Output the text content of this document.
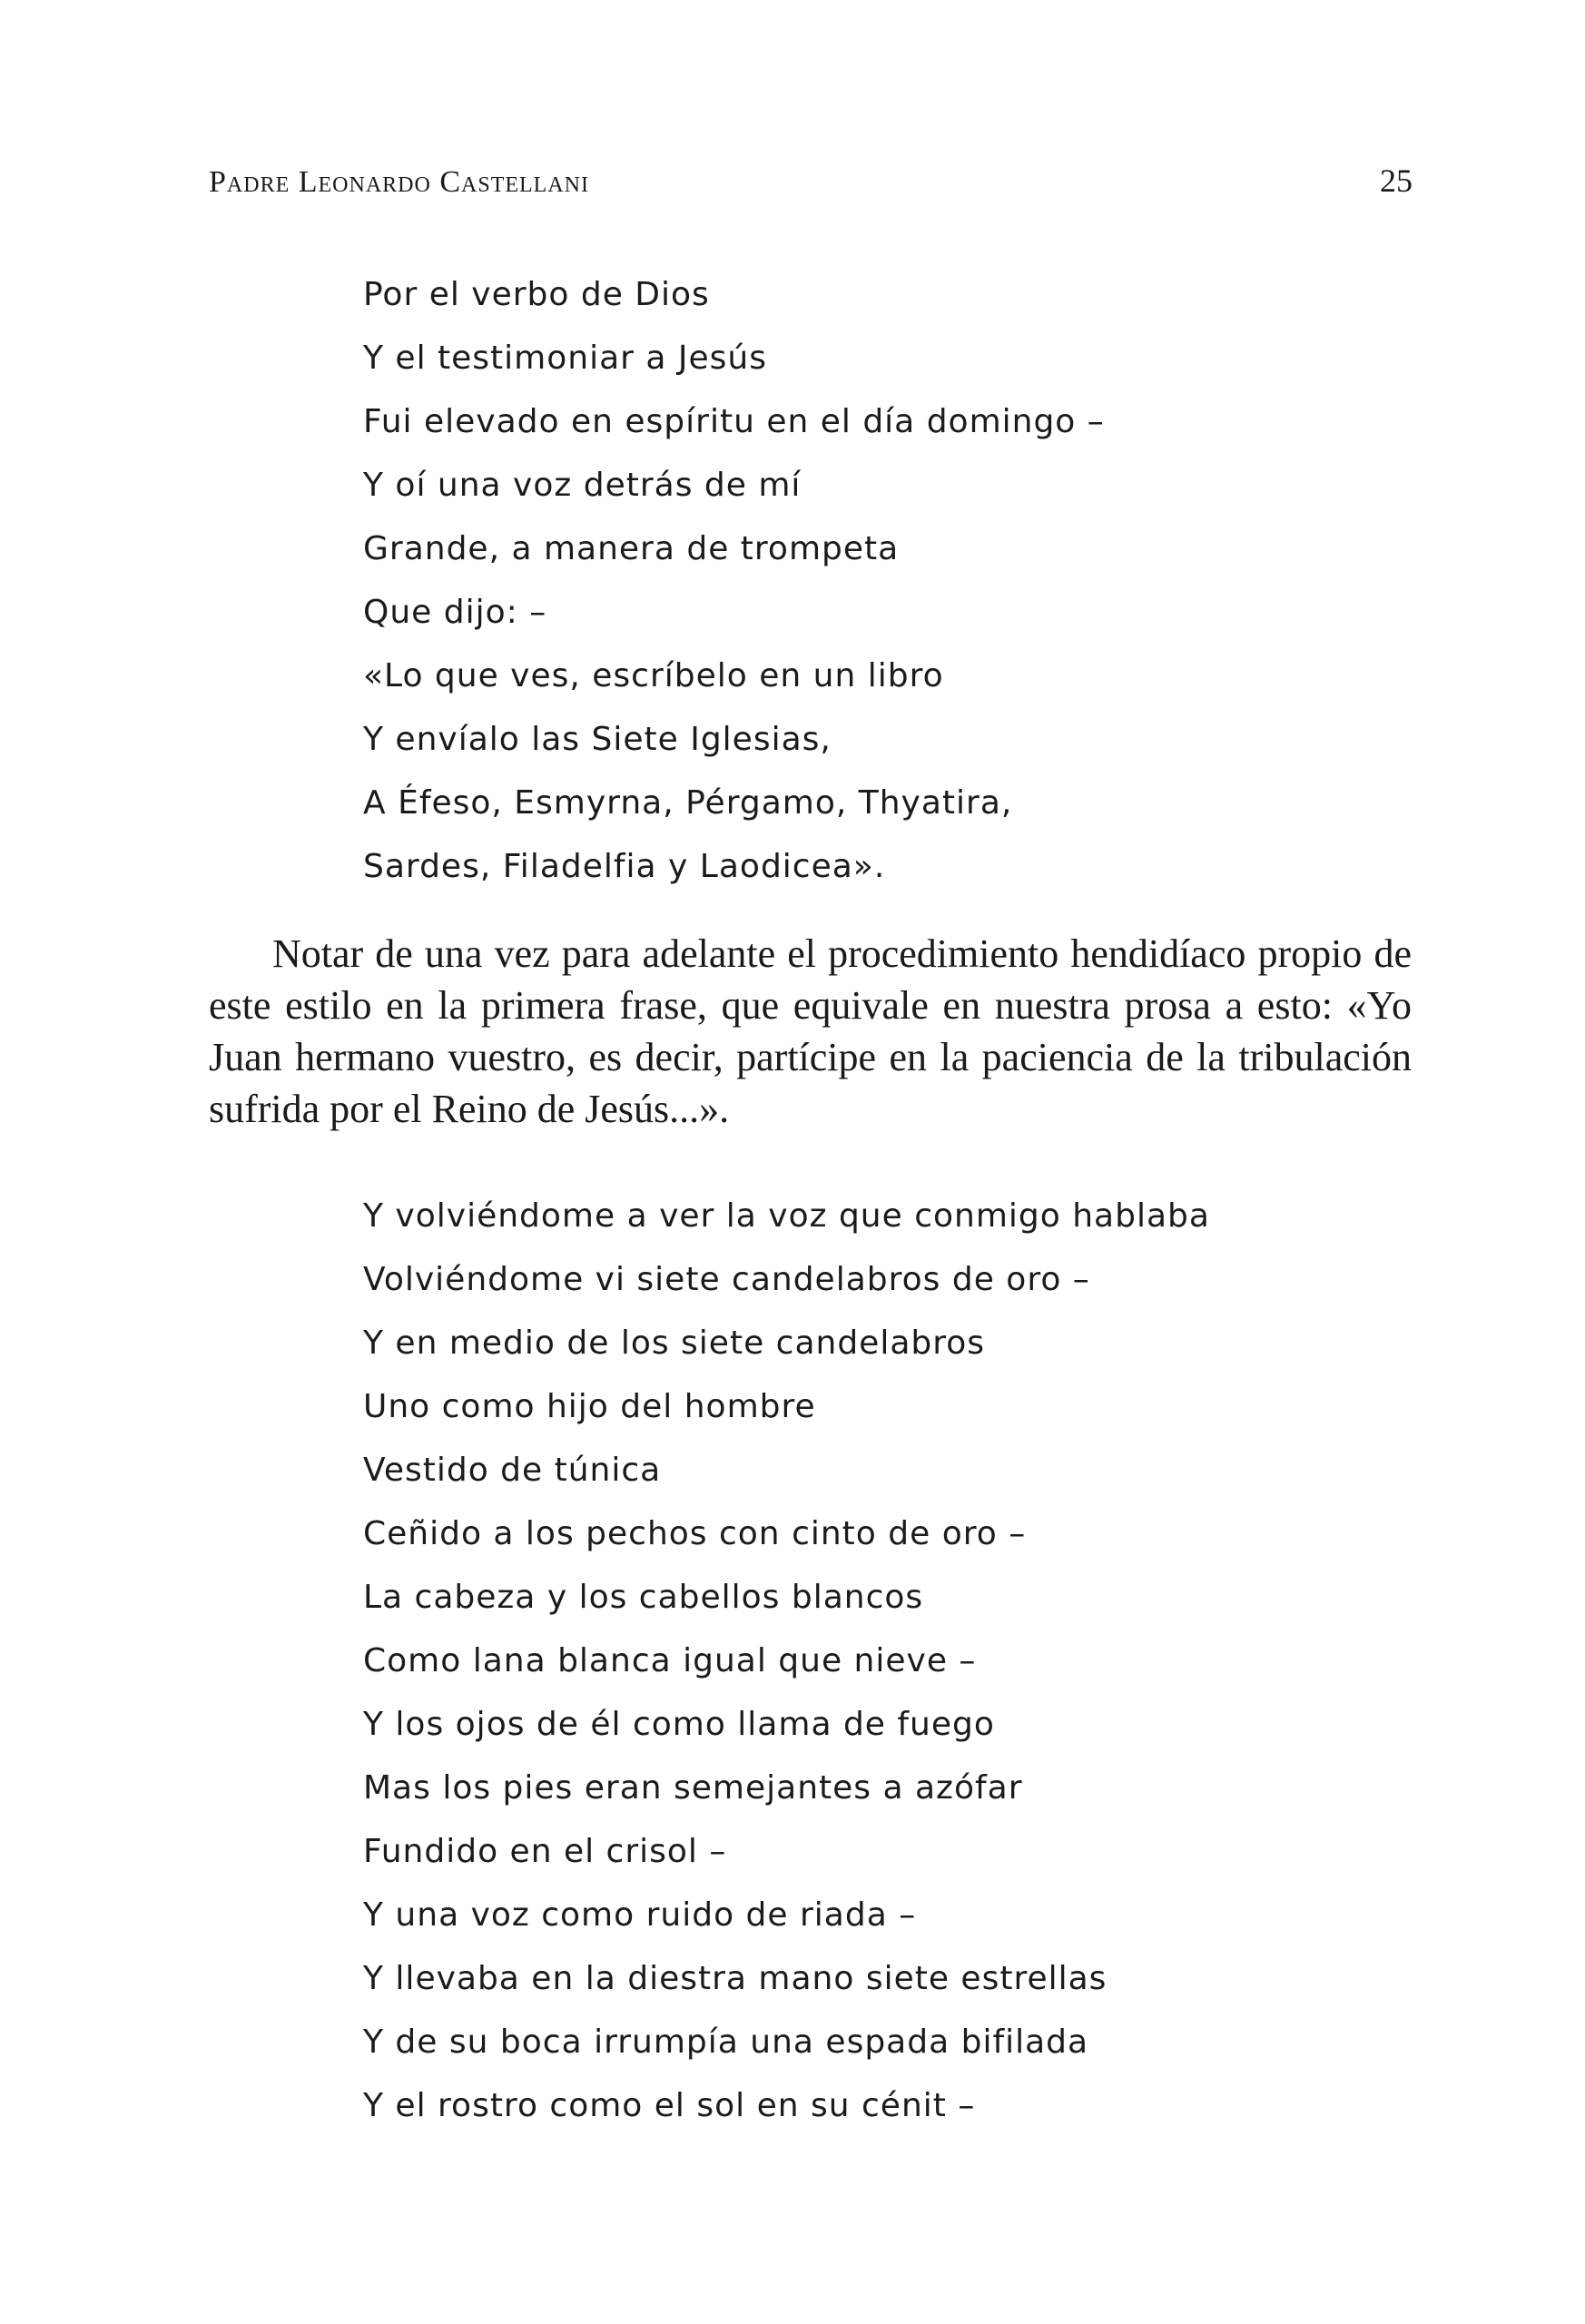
Padre Leonardo Castellani	25
Por el verbo de Dios
Y el testimoniar a Jesús
Fui elevado en espíritu en el día domingo –
Y oí una voz detrás de mí
Grande, a manera de trompeta
Que dijo: –
«Lo que ves, escríbelo en un libro
Y envíalo las Siete Iglesias,
A Éfeso, Esmyrna, Pérgamo, Thyatira,
Sardes, Filadelfia y Laodicea».

Notar de una vez para adelante el procedimiento hendidíaco propio de este estilo en la primera frase, que equivale en nuestra prosa a esto: «Yo Juan hermano vuestro, es decir, partícipe en la paciencia de la tribulación sufrida por el Reino de Jesús...».

Y volviéndome a ver la voz que conmigo hablaba
Volviéndome vi siete candelabros de oro –
Y en medio de los siete candelabros
Uno como hijo del hombre
Vestido de túnica
Ceñido a los pechos con cinto de oro –
La cabeza y los cabellos blancos
Como lana blanca igual que nieve –
Y los ojos de él como llama de fuego
Mas los pies eran semejantes a azófar
Fundido en el crisol –
Y una voz como ruido de riada –
Y llevaba en la diestra mano siete estrellas
Y de su boca irrumpía una espada bifilada
Y el rostro como el sol en su cénit –
